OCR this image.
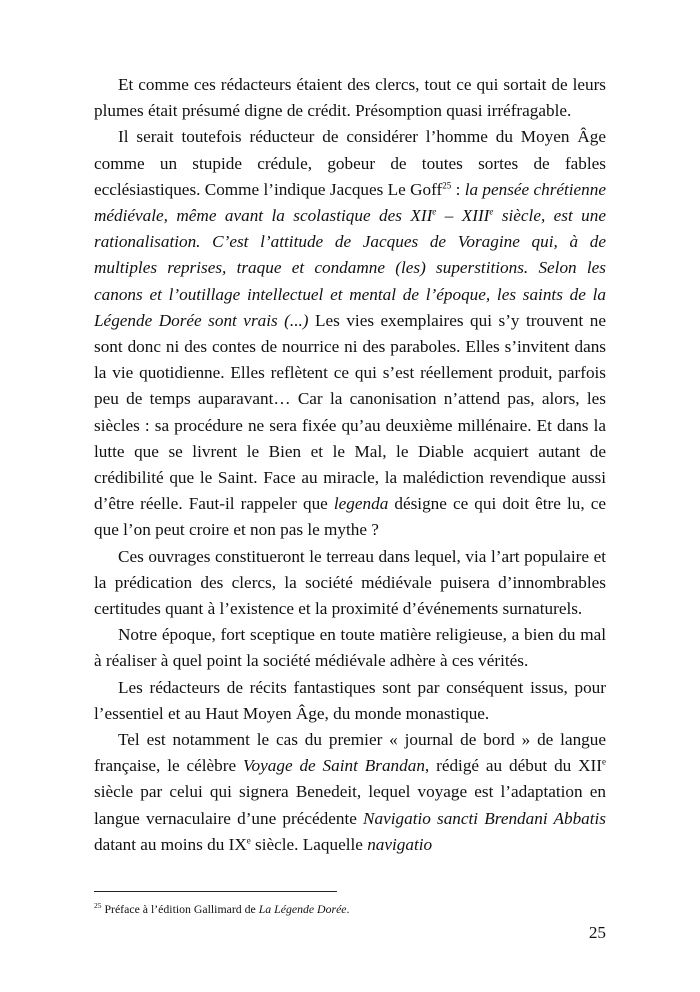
Et comme ces rédacteurs étaient des clercs, tout ce qui sortait de leurs plumes était présumé digne de crédit. Présomption quasi irréfragable.

Il serait toutefois réducteur de considérer l’homme du Moyen Âge comme un stupide crédule, gobeur de toutes sortes de fables ecclésiastiques. Comme l’indique Jacques Le Goff$^{25}$ : la pensée chrétienne médiévale, même avant la scolastique des XIIe – XIIIe siècle, est une rationalisation. C’est l’attitude de Jacques de Voragine qui, à de multiples reprises, traque et condamne (les) superstitions. Selon les canons et l’outillage intellectuel et mental de l’époque, les saints de la Légende Dorée sont vrais (...) Les vies exemplaires qui s’y trouvent ne sont donc ni des contes de nourrice ni des paraboles. Elles s’invitent dans la vie quotidienne. Elles reflètent ce qui s’est réellement produit, parfois peu de temps auparavant… Car la canonisation n’attend pas, alors, les siècles : sa procédure ne sera fixée qu’au deuxième millénaire. Et dans la lutte que se livrent le Bien et le Mal, le Diable acquiert autant de crédibilité que le Saint. Face au miracle, la malédiction revendique aussi d’être réelle. Faut-il rappeler que legenda désigne ce qui doit être lu, ce que l’on peut croire et non pas le mythe ?

Ces ouvrages constitueront le terreau dans lequel, via l’art populaire et la prédication des clercs, la société médiévale puisera d’innombrables certitudes quant à l’existence et la proximité d’événements surnaturels.

Notre époque, fort sceptique en toute matière religieuse, a bien du mal à réaliser à quel point la société médiévale adhère à ces vérités.

Les rédacteurs de récits fantastiques sont par conséquent issus, pour l’essentiel et au Haut Moyen Âge, du monde monastique.

Tel est notamment le cas du premier « journal de bord » de langue française, le célèbre Voyage de Saint Brandan, rédigé au début du XIIe siècle par celui qui signera Benedeit, lequel voyage est l’adaptation en langue vernaculaire d’une précédente Navigatio sancti Brendani Abbatis datant au moins du IXe siècle. Laquelle navigatio

$^{25}$ Préface à l’édition Gallimard de La Légende Dorée.
25
